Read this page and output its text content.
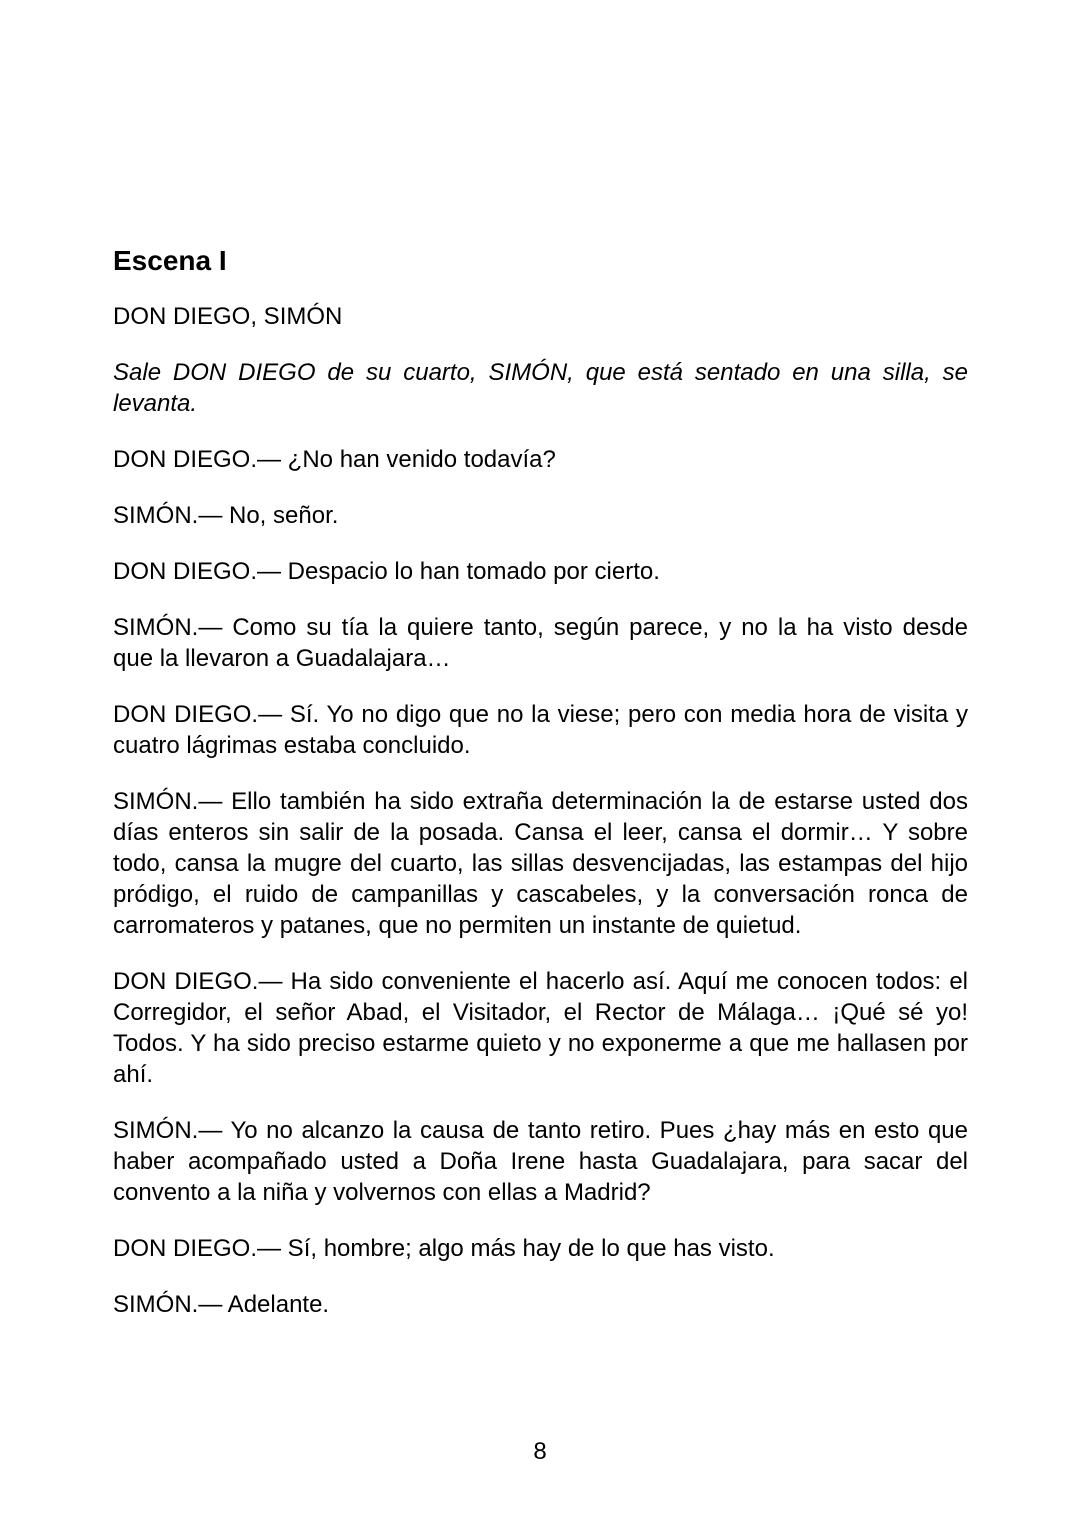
Escena I

DON DIEGO, SIMÓN

Sale DON DIEGO de su cuarto, SIMÓN, que está sentado en una silla, se levanta.

DON DIEGO.— ¿No han venido todavía?

SIMÓN.— No, señor.

DON DIEGO.— Despacio lo han tomado por cierto.

SIMÓN.— Como su tía la quiere tanto, según parece, y no la ha visto desde que la llevaron a Guadalajara…

DON DIEGO.— Sí. Yo no digo que no la viese; pero con media hora de visita y cuatro lágrimas estaba concluido.

SIMÓN.— Ello también ha sido extraña determinación la de estarse usted dos días enteros sin salir de la posada. Cansa el leer, cansa el dormir… Y sobre todo, cansa la mugre del cuarto, las sillas desvencijadas, las estampas del hijo pródigo, el ruido de campanillas y cascabeles, y la conversación ronca de carromateros y patanes, que no permiten un instante de quietud.

DON DIEGO.— Ha sido conveniente el hacerlo así. Aquí me conocen todos: el Corregidor, el señor Abad, el Visitador, el Rector de Málaga… ¡Qué sé yo! Todos. Y ha sido preciso estarme quieto y no exponerme a que me hallasen por ahí.

SIMÓN.— Yo no alcanzo la causa de tanto retiro. Pues ¿hay más en esto que haber acompañado usted a Doña Irene hasta Guadalajara, para sacar del convento a la niña y volvernos con ellas a Madrid?

DON DIEGO.— Sí, hombre; algo más hay de lo que has visto.

SIMÓN.— Adelante.

8
